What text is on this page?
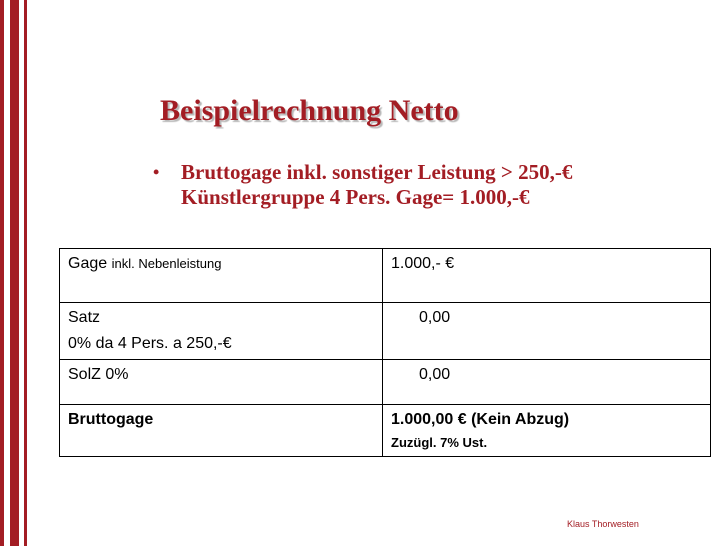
Beispielrechnung Netto
•	Bruttogage inkl. sonstiger Leistung > 250,-€
Künstlergruppe 4 Pers. Gage= 1.000,-€
Gage inkl. Nebenleistung	1.000,- €

Satz
0% da 4 Pers. a 250,-€	0,00
SolZ 0%	0,00
Bruttogage	1.000,00 € (Kein Abzug)
Zuzügl. 7% Ust.
Klaus Thorwesten
